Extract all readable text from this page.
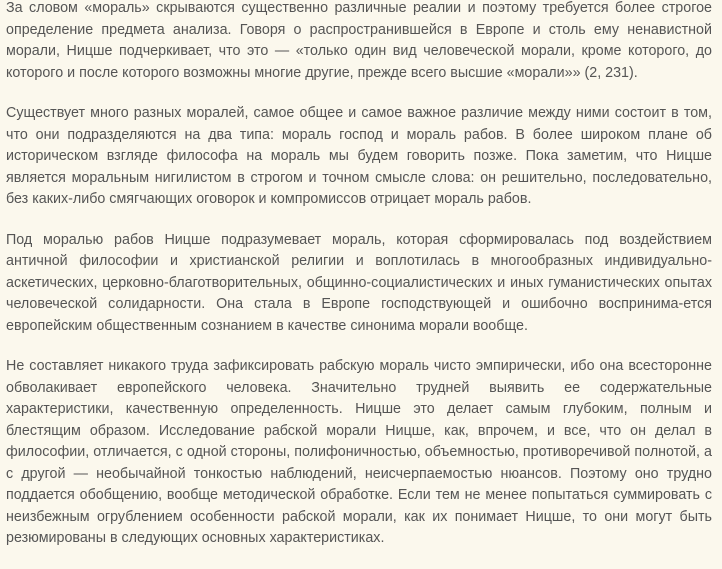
За словом «мораль» скрываются существенно различные реалии и поэтому требуется более строгое определение предмета анализа. Говоря о распространившейся в Европе и столь ему ненавистной морали, Ницше подчеркивает, что это — «только один вид человеческой морали, кроме которого, до которого и после которого возможны многие другие, прежде всего высшие «морали»» (2, 231).

Существует много разных моралей, самое общее и самое важное различие между ними состоит в том, что они подразделяются на два типа: мораль господ и мораль рабов. В более широком плане об историческом взгляде философа на мораль мы будем говорить позже. Пока заметим, что Ницше является моральным нигилистом в строгом и точном смысле слова: он решительно, последовательно, без каких-либо смягчающих оговорок и компромиссов отрицает мораль рабов.

Под моралью рабов Ницше подразумевает мораль, которая сформировалась под воздействием античной философии и христианской религии и воплотилась в многообразных индивидуально-аскетических, церковно-благотворительных, общинно-социалистических и иных гуманистических опытах человеческой солидарности. Она стала в Европе господствующей и ошибочно воспринима-ется европейским общественным сознанием в качестве синонима морали вообще.

Не составляет никакого труда зафиксировать рабскую мораль чисто эмпирически, ибо она всесторонне обволакивает европейского человека. Значительно трудней выявить ее содержательные характеристики, качественную определенность. Ницше это делает самым глубоким, полным и блестящим образом. Исследование рабской морали Ницше, как, впрочем, и все, что он делал в философии, отличается, с одной стороны, полифоничностью, объемностью, противоречивой полнотой, а с другой — необычайной тонкостью наблюдений, неисчерпаемостью нюансов. Поэтому оно трудно поддается обобщению, вообще методической обработке. Если тем не менее попытаться суммировать с неизбежным огрублением особенности рабской морали, как их понимает Ницше, то они могут быть резюмированы в следующих основных характеристиках.
